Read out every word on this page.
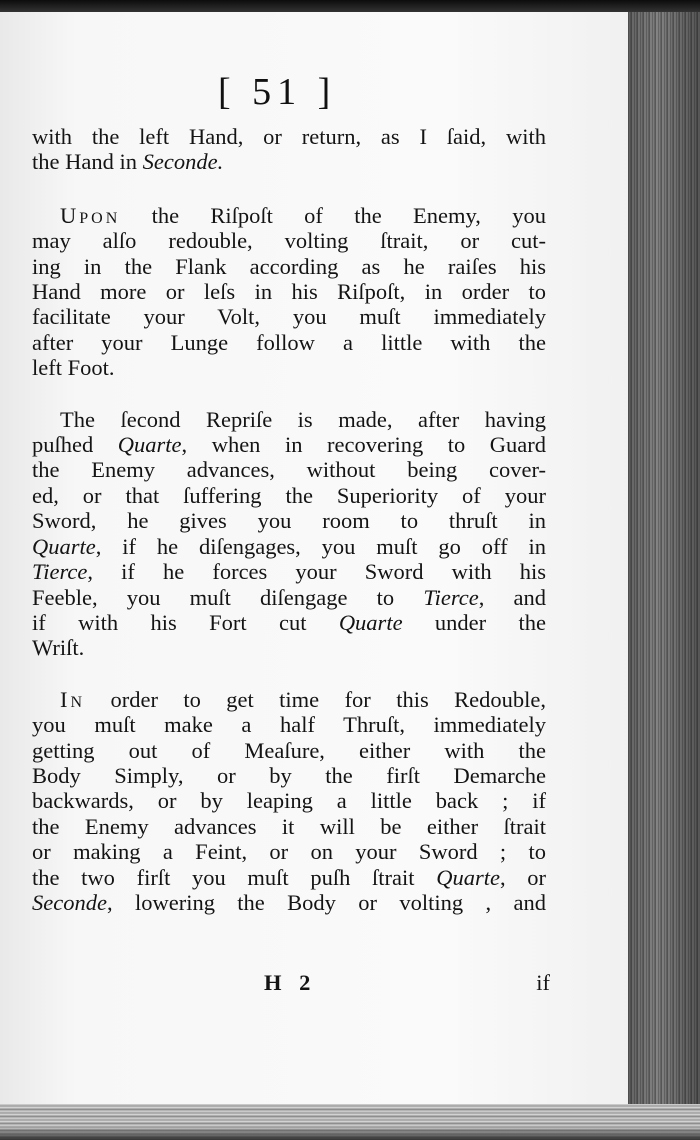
[ 51 ]

with the left Hand, or return, as I ſaid, with
the Hand in Seconde.

Upon the Riſpoſt of the Enemy, you
may alſo redouble, volting ſtrait, or cut-
ing in the Flank according as he raiſes his
Hand more or leſs in his Riſpoſt, in order to
facilitate your Volt, you muſt immediately
after your Lunge follow a little with the
left Foot.

The ſecond Repriſe is made, after having
puſhed Quarte, when in recovering to Guard
the Enemy advances, without being cover-
ed, or that ſuffering the Superiority of your
Sword, he gives you room to thruſt in
Quarte, if he diſengages, you muſt go off in
Tierce, if he forces your Sword with his
Feeble, you muſt diſengage to Tierce, and
if with his Fort cut Quarte under the
Wriſt.

In order to get time for this Redouble,
you muſt make a half Thruſt, immediately
getting out of Meaſure, either with the
Body Simply, or by the firſt Demarche
backwards, or by leaping a little back ; if
the Enemy advances it will be either ſtrait
or making a Feint, or on your Sword ; to
the two firſt you muſt puſh ſtrait Quarte, or
Seconde, lowering the Body or volting , and

H 2	if
